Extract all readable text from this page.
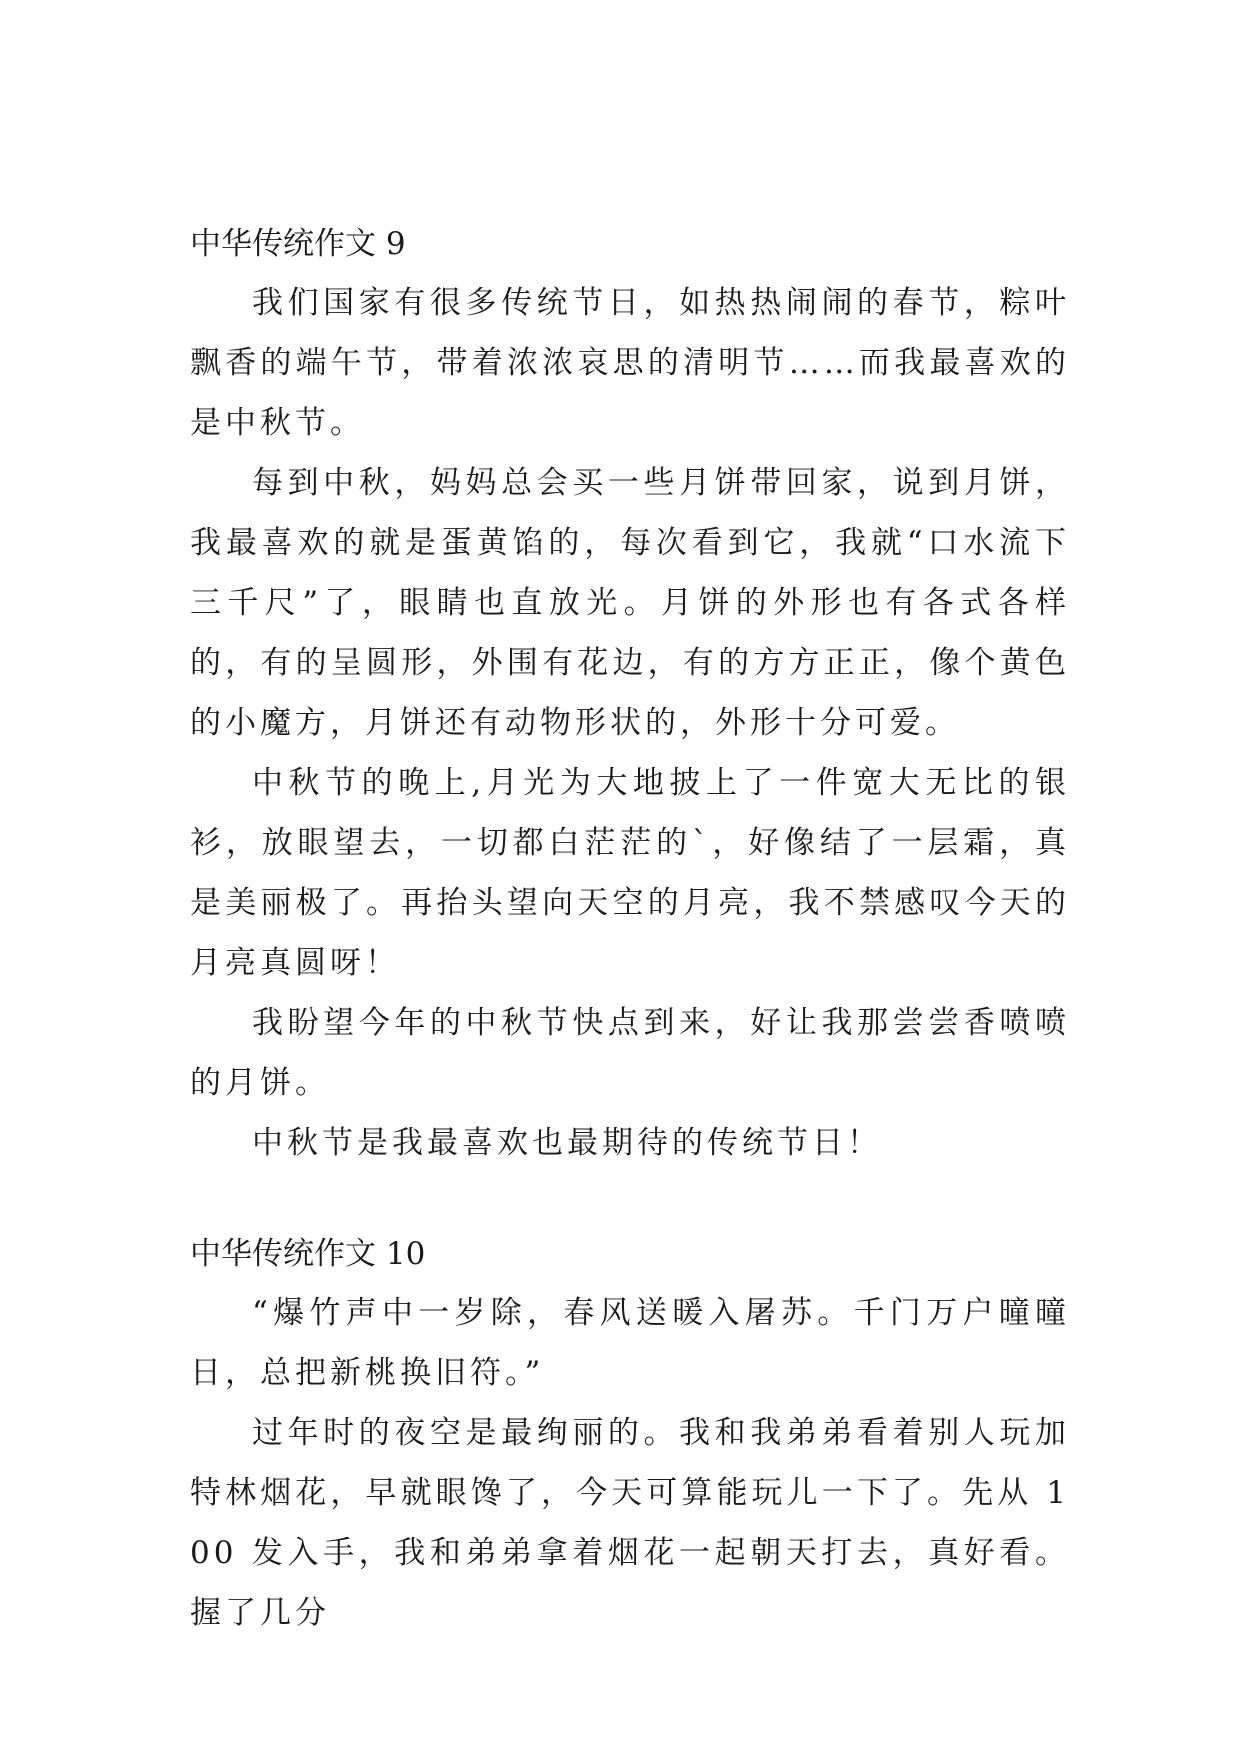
中华传统作文 9

我们国家有很多传统节日，如热热闹闹的春节，粽叶飘香的端午节，带着浓浓哀思的清明节……而我最喜欢的是中秋节。

每到中秋，妈妈总会买一些月饼带回家，说到月饼，我最喜欢的就是蛋黄馅的，每次看到它，我就“口水流下三千尺”了，眼睛也直放光。月饼的外形也有各式各样的，有的呈圆形，外围有花边，有的方方正正，像个黄色的小魔方，月饼还有动物形状的，外形十分可爱。

中秋节的晚上,月光为大地披上了一件宽大无比的银衫，放眼望去，一切都白茫茫的`，好像结了一层霜，真是美丽极了。再抬头望向天空的月亮，我不禁感叹今天的月亮真圆呀！

我盼望今年的中秋节快点到来，好让我那尝尝香喷喷的月饼。

中秋节是我最喜欢也最期待的传统节日！

中华传统作文 10

“爆竹声中一岁除，春风送暖入屠苏。千门万户曈曈日，总把新桃换旧符。”

过年时的夜空是最绚丽的。我和我弟弟看着别人玩加特林烟花，早就眼馋了，今天可算能玩儿一下了。先从 100 发入手，我和弟弟拿着烟花一起朝天打去，真好看。握了几分
